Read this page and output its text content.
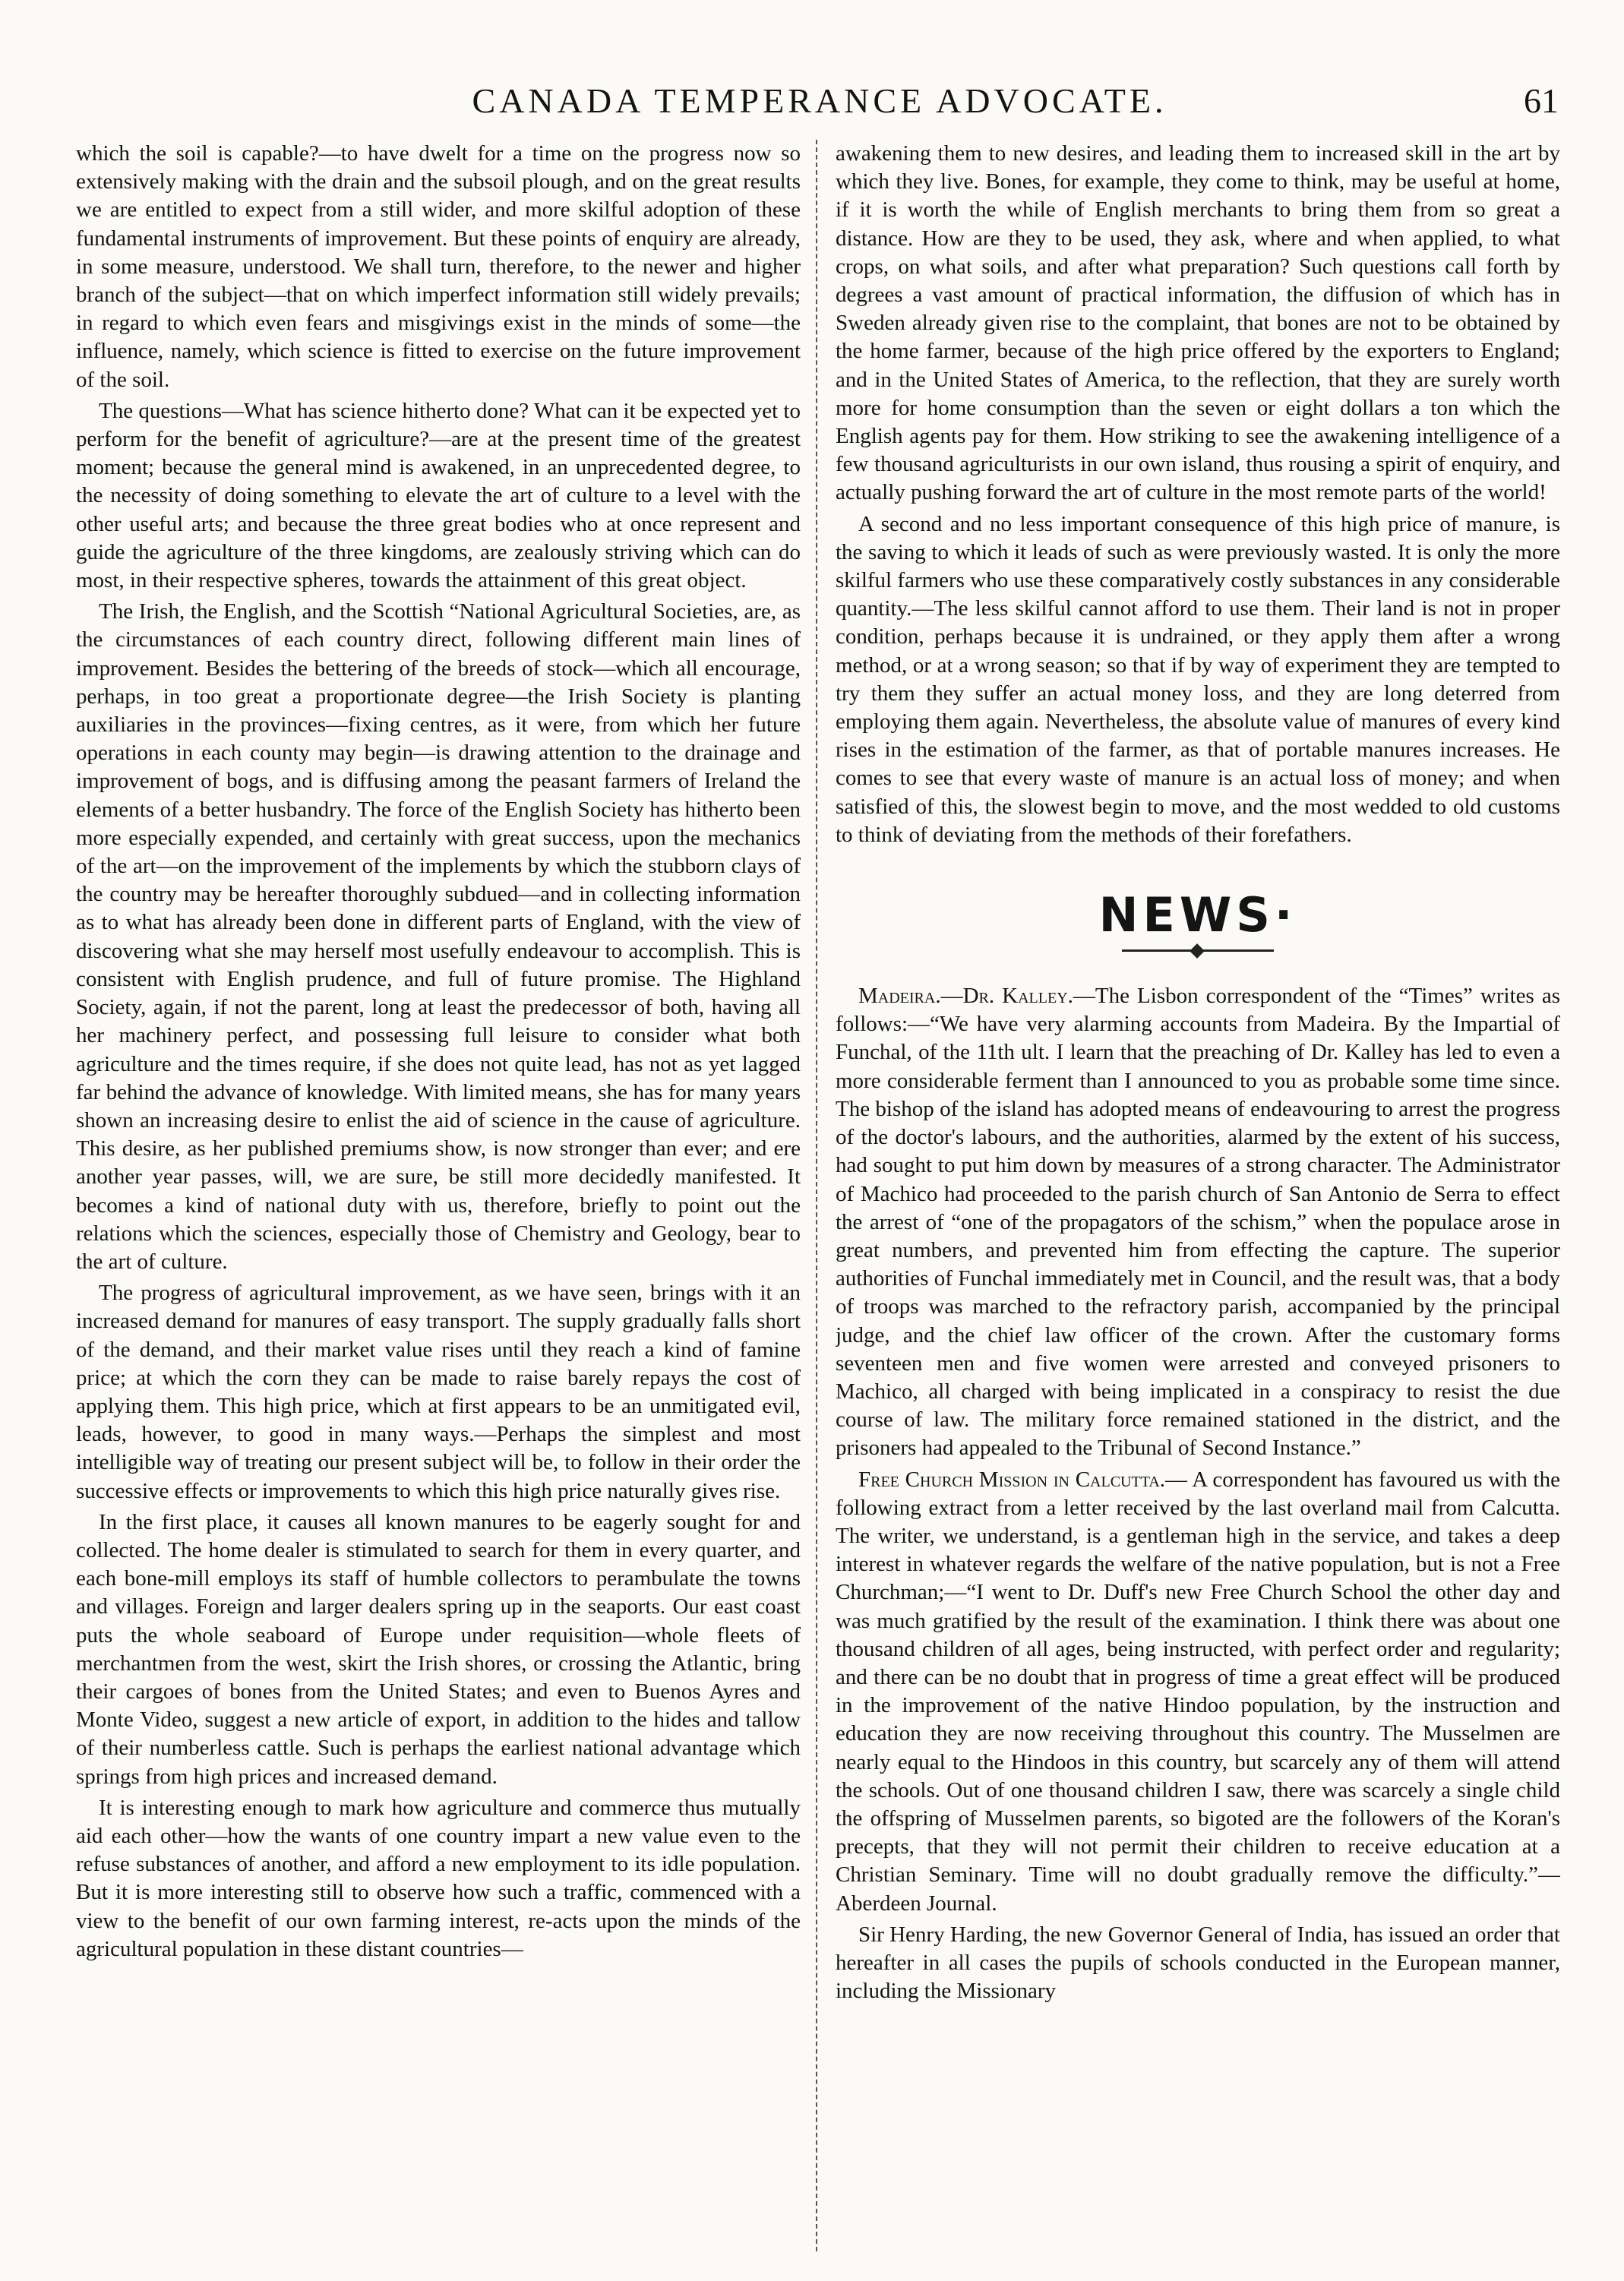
CANADA TEMPERANCE ADVOCATE.	61

which the soil is capable?—to have dwelt for a time on the progress now so extensively making with the drain and the subsoil plough, and on the great results we are entitled to expect from a still wider, and more skilful adoption of these fundamental instruments of improvement. But these points of enquiry are already, in some measure, understood. We shall turn, therefore, to the newer and higher branch of the subject—that on which imperfect information still widely prevails; in regard to which even fears and misgivings exist in the minds of some—the influence, namely, which science is fitted to exercise on the future improvement of the soil.

The questions—What has science hitherto done? What can it be expected yet to perform for the benefit of agriculture?—are at the present time of the greatest moment; because the general mind is awakened, in an unprecedented degree, to the necessity of doing something to elevate the art of culture to a level with the other useful arts; and because the three great bodies who at once represent and guide the agriculture of the three kingdoms, are zealously striving which can do most, in their respective spheres, towards the attainment of this great object.

The Irish, the English, and the Scottish “National Agricultural Societies, are, as the circumstances of each country direct, following different main lines of improvement. Besides the bettering of the breeds of stock—which all encourage, perhaps, in too great a proportionate degree—the Irish Society is planting auxiliaries in the provinces—fixing centres, as it were, from which her future operations in each county may begin—is drawing attention to the drainage and improvement of bogs, and is diffusing among the peasant farmers of Ireland the elements of a better husbandry. The force of the English Society has hitherto been more especially expended, and certainly with great success, upon the mechanics of the art—on the improvement of the implements by which the stubborn clays of the country may be hereafter thoroughly subdued—and in collecting information as to what has already been done in different parts of England, with the view of discovering what she may herself most usefully endeavour to accomplish. This is consistent with English prudence, and full of future promise. The Highland Society, again, if not the parent, long at least the predecessor of both, having all her machinery perfect, and possessing full leisure to consider what both agriculture and the times require, if she does not quite lead, has not as yet lagged far behind the advance of knowledge. With limited means, she has for many years shown an increasing desire to enlist the aid of science in the cause of agriculture. This desire, as her published premiums show, is now stronger than ever; and ere another year passes, will, we are sure, be still more decidedly manifested. It becomes a kind of national duty with us, therefore, briefly to point out the relations which the sciences, especially those of Chemistry and Geology, bear to the art of culture.

The progress of agricultural improvement, as we have seen, brings with it an increased demand for manures of easy transport. The supply gradually falls short of the demand, and their market value rises until they reach a kind of famine price; at which the corn they can be made to raise barely repays the cost of applying them. This high price, which at first appears to be an unmitigated evil, leads, however, to good in many ways.—Perhaps the simplest and most intelligible way of treating our present subject will be, to follow in their order the successive effects or improvements to which this high price naturally gives rise.

In the first place, it causes all known manures to be eagerly sought for and collected. The home dealer is stimulated to search for them in every quarter, and each bone-mill employs its staff of humble collectors to perambulate the towns and villages. Foreign and larger dealers spring up in the seaports. Our east coast puts the whole seaboard of Europe under requisition—whole fleets of merchantmen from the west, skirt the Irish shores, or crossing the Atlantic, bring their cargoes of bones from the United States; and even to Buenos Ayres and Monte Video, suggest a new article of export, in addition to the hides and tallow of their numberless cattle. Such is perhaps the earliest national advantage which springs from high prices and increased demand.

It is interesting enough to mark how agriculture and commerce thus mutually aid each other—how the wants of one country impart a new value even to the refuse substances of another, and afford a new employment to its idle population. But it is more interesting still to observe how such a traffic, commenced with a view to the benefit of our own farming interest, re-acts upon the minds of the agricultural population in these distant countries—

awakening them to new desires, and leading them to increased skill in the art by which they live. Bones, for example, they come to think, may be useful at home, if it is worth the while of English merchants to bring them from so great a distance. How are they to be used, they ask, where and when applied, to what crops, on what soils, and after what preparation? Such questions call forth by degrees a vast amount of practical information, the diffusion of which has in Sweden already given rise to the complaint, that bones are not to be obtained by the home farmer, because of the high price offered by the exporters to England; and in the United States of America, to the reflection, that they are surely worth more for home consumption than the seven or eight dollars a ton which the English agents pay for them. How striking to see the awakening intelligence of a few thousand agriculturists in our own island, thus rousing a spirit of enquiry, and actually pushing forward the art of culture in the most remote parts of the world!

A second and no less important consequence of this high price of manure, is the saving to which it leads of such as were previously wasted. It is only the more skilful farmers who use these comparatively costly substances in any considerable quantity.—The less skilful cannot afford to use them. Their land is not in proper condition, perhaps because it is undrained, or they apply them after a wrong method, or at a wrong season; so that if by way of experiment they are tempted to try them they suffer an actual money loss, and they are long deterred from employing them again. Nevertheless, the absolute value of manures of every kind rises in the estimation of the farmer, as that of portable manures increases. He comes to see that every waste of manure is an actual loss of money; and when satisfied of this, the slowest begin to move, and the most wedded to old customs to think of deviating from the methods of their forefathers.

NEWS·

Madeira.—Dr. Kalley.—The Lisbon correspondent of the “Times” writes as follows:—“We have very alarming accounts from Madeira. By the Impartial of Funchal, of the 11th ult. I learn that the preaching of Dr. Kalley has led to even a more considerable ferment than I announced to you as probable some time since. The bishop of the island has adopted means of endeavouring to arrest the progress of the doctor's labours, and the authorities, alarmed by the extent of his success, had sought to put him down by measures of a strong character. The Administrator of Machico had proceeded to the parish church of San Antonio de Serra to effect the arrest of “one of the propagators of the schism,” when the populace arose in great numbers, and prevented him from effecting the capture. The superior authorities of Funchal immediately met in Council, and the result was, that a body of troops was marched to the refractory parish, accompanied by the principal judge, and the chief law officer of the crown. After the customary forms seventeen men and five women were arrested and conveyed prisoners to Machico, all charged with being implicated in a conspiracy to resist the due course of law. The military force remained stationed in the district, and the prisoners had appealed to the Tribunal of Second Instance.”

Free Church Mission in Calcutta.— A correspondent has favoured us with the following extract from a letter received by the last overland mail from Calcutta. The writer, we understand, is a gentleman high in the service, and takes a deep interest in whatever regards the welfare of the native population, but is not a Free Churchman;—“I went to Dr. Duff's new Free Church School the other day and was much gratified by the result of the examination. I think there was about one thousand children of all ages, being instructed, with perfect order and regularity; and there can be no doubt that in progress of time a great effect will be produced in the improvement of the native Hindoo population, by the instruction and education they are now receiving throughout this country. The Musselmen are nearly equal to the Hindoos in this country, but scarcely any of them will attend the schools. Out of one thousand children I saw, there was scarcely a single child the offspring of Musselmen parents, so bigoted are the followers of the Koran's precepts, that they will not permit their children to receive education at a Christian Seminary. Time will no doubt gradually remove the difficulty.”—Aberdeen Journal.

Sir Henry Harding, the new Governor General of India, has issued an order that hereafter in all cases the pupils of schools conducted in the European manner, including the Missionary
